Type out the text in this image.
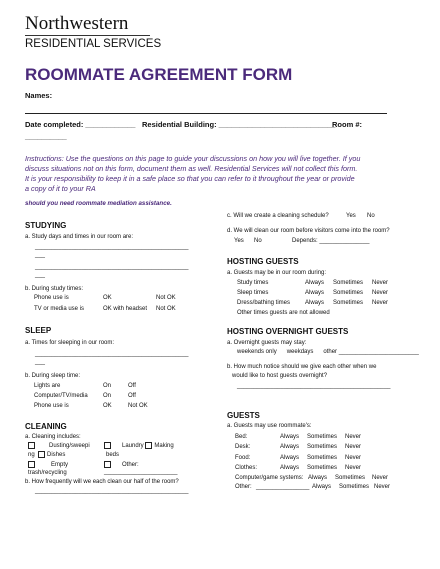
Northwestern
RESIDENTIAL SERVICES
ROOMMATE AGREEMENT FORM
Names:
Date completed: ____________ Residential Building: ____________________________
Room #:
__________
Instructions: Use the questions on this page to guide your discussions on how you will live together. If you
discuss situations not on this form, document them as well. Residential Services will not collect this form.
It is your responsibility to keep it in a safe place so that you can refer to it throughout the year or provide
a copy of it to your RA
should you need roommate mediation assistance.
STUDYING
a. Study days and times in our room are:
______________________________________________
___
______________________________________________
___
b. During study times:
Phone use is	OK	Not OK
TV or media use is	OK with headset Not OK
SLEEP
a. Times for sleeping in our room:
______________________________________________
___
b. During sleep time:
Lights are	On	Off
Computer/TV/media	On	Off
Phone use is	OK	Not OK
CLEANING
a. Cleaning includes:
Dusting/sweepi
ng	Dishes
Laundry Making
beds
Empty
trash/recycling
Other:
______________________
b. How frequently will we each clean our half of the room?
______________________________________________
c. Will we create a cleaning schedule?	Yes No
d. We will clean our room before visitors come into the room?
Yes No	Depends: _______________
HOSTING GUESTS
a. Guests may be in our room during:
Study times	Always Sometimes Never
Sleep times	Always Sometimes Never
Dress/bathing times Always Sometimes Never
Other times guests are not allowed
HOSTING OVERNIGHT GUESTS
a. Overnight guests may stay:
weekends only      weekdays      other ________________________
b. How much notice should we give each other when we
would like to host guests overnight?
______________________________________________
GUESTS
a. Guests may use roommate's:
Bed:	Always Sometimes Never
Desk:	Always Sometimes Never
Food:	Always Sometimes Never
Clothes:	Always Sometimes Never
Computer/game systems: Always Sometimes Never
Other: ________________ Always Sometimes Never
